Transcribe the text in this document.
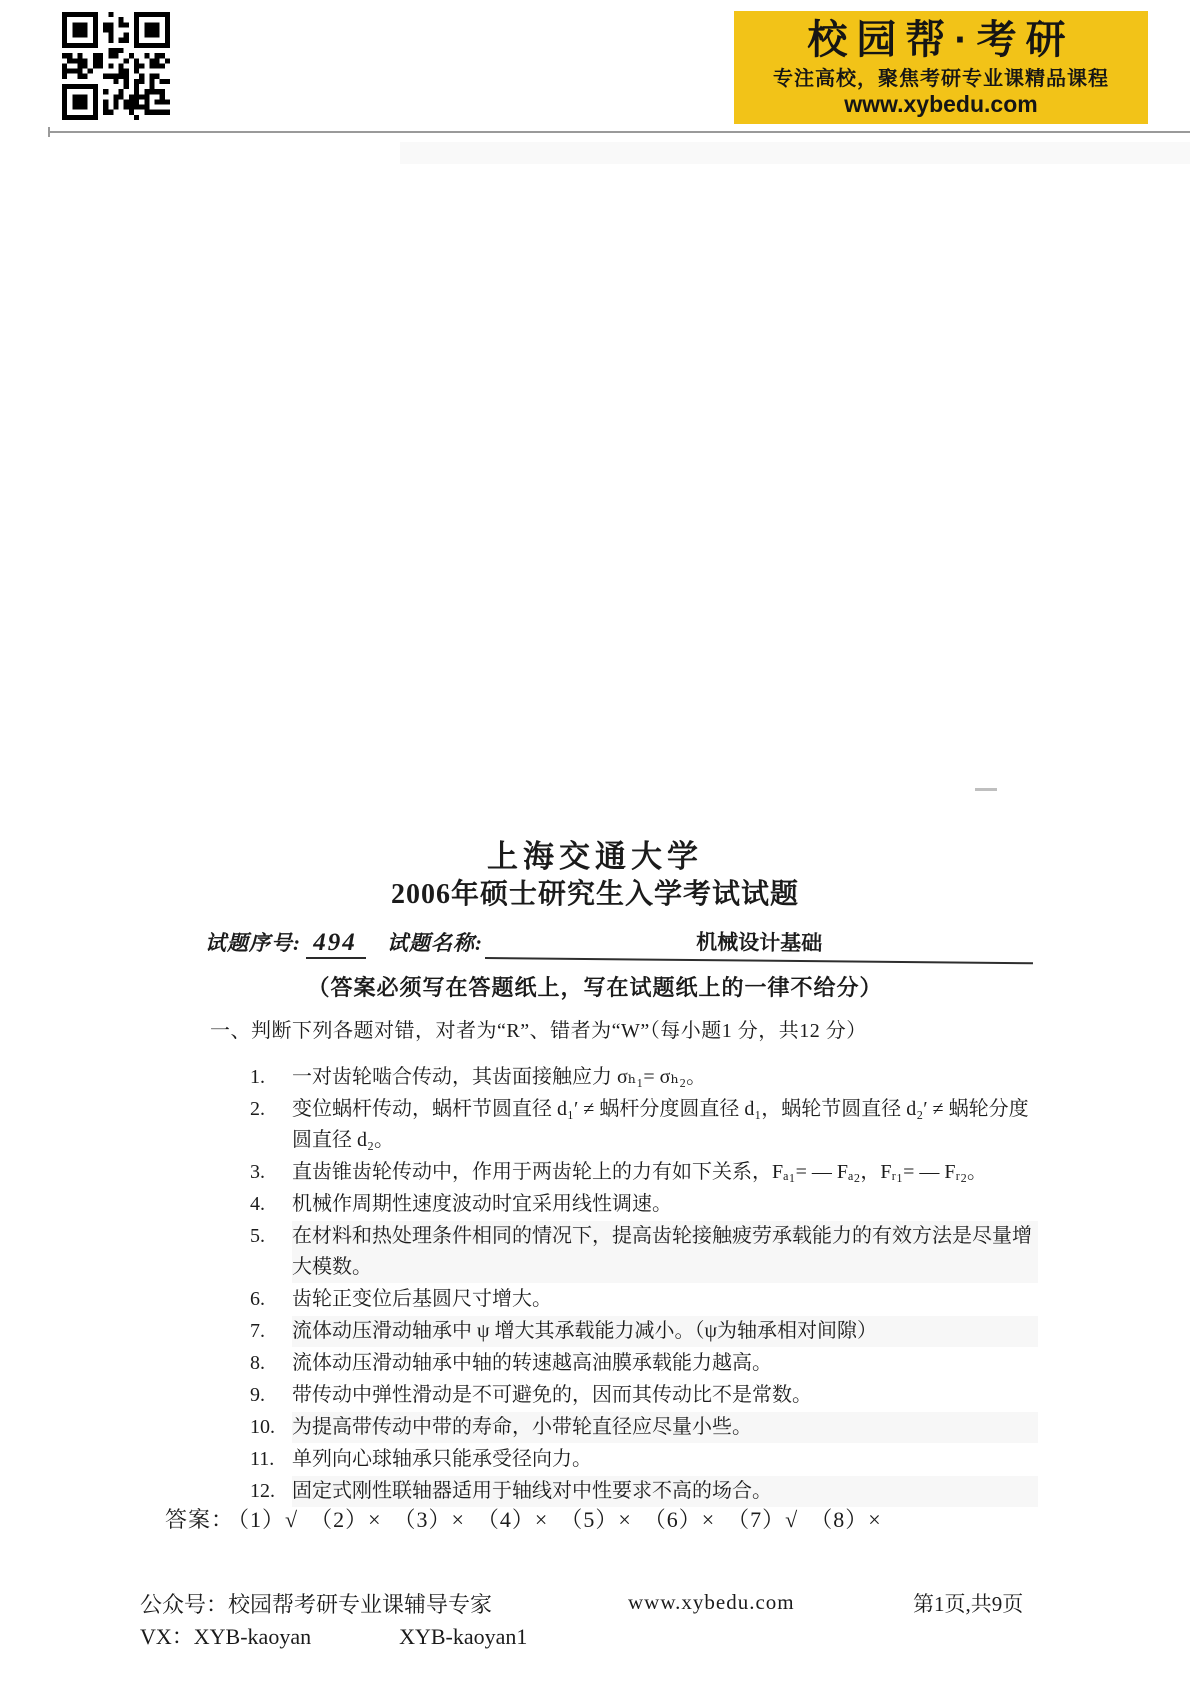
校园帮·考研
专注高校，聚焦考研专业课精品课程
www.xybedu.com
上海交通大学
2006年硕士研究生入学考试试题
试题序号: 494 试题名称:	机械设计基础
（答案必须写在答题纸上，写在试题纸上的一律不给分）
一、判断下列各题对错，对者为“R”、错者为“W”（每小题1 分，共12 分）
1.	一对齿轮啮合传动，其齿面接触应力 σₕ₁= σₕ₂。
2.	变位蜗杆传动，蜗杆节圆直径 d₁′ ≠ 蜗杆分度圆直径 d₁，蜗轮节圆直径 d₂′ ≠ 蜗轮分度圆直径 d₂。
3.	直齿锥齿轮传动中，作用于两齿轮上的力有如下关系，Fₐ₁= — Fₐ₂，Fᵣ₁= — Fᵣ₂。
4.	机械作周期性速度波动时宜采用线性调速。
5.	在材料和热处理条件相同的情况下，提高齿轮接触疲劳承载能力的有效方法是尽量增大模数。
6.	齿轮正变位后基圆尺寸增大。
7.	流体动压滑动轴承中 ψ 增大其承载能力减小。（ψ为轴承相对间隙）
8.	流体动压滑动轴承中轴的转速越高油膜承载能力越高。
9.	带传动中弹性滑动是不可避免的，因而其传动比不是常数。
10. 为提高带传动中带的寿命，小带轮直径应尽量小些。
11. 单列向心球轴承只能承受径向力。
12. 固定式刚性联轴器适用于轴线对中性要求不高的场合。
答案： （1）√　（2）×　（3）×　（4）×　（5）×　（6）×　（7）√　（8）×
公众号：校园帮考研专业课辅导专家
VX：XYB-kaoyan	XYB-kaoyan1
www.xybedu.com	第1页,共9页
